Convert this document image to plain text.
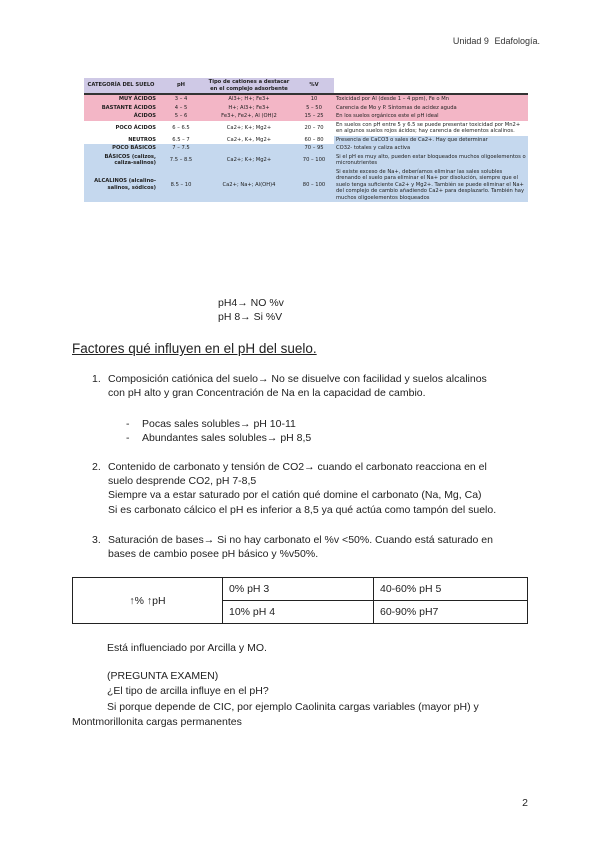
Unidad 9 Edafología.
CATEGORÍA DEL SUELO	pH	Tipo de cationes a destacar en el complejo adsorbente	%V	
MUY ÁCIDOS	3 – 4	Al3+; H+; Fe3+	10	Toxicidad por Al (desde 1 – 4 ppm), Fe o Mn
BASTANTE ÁCIDOS	4 – 5	H+; Al3+; Fe3+	5 – 50	Carencia de Mo y P. Síntomas de acidez aguda
ÁCIDOS	5 – 6	Fe3+, Fe2+, Al (OH)2	15 – 25	En los suelos orgánicos este el pH ideal
POCO ÁCIDOS	6 – 6.5	Ca2+; K+; Mg2+	20 – 70	En suelos con pH entre 5 y 6.5 se puede presentar toxicidad por Mn2+ en algunos suelos rojos ácidos; hay carencia de elementos alcalinos.
NEUTROS	6.5 – 7	Ca2+, K+, Mg2+	60 – 80	Presencia de CaCO3 o sales de Ca2+. Hay que determinar
POCO BÁSICOS	7 – 7.5		70 – 95	CO32- totales y caliza activa
BÁSICOS (calizos, caliza-salinos)	7.5 – 8.5	Ca2+; K+; Mg2+	70 – 100	Si el pH es muy alto, pueden estar bloqueados muchos oligoelementos o micronutrientes
ALCALINOS (alcalino-salinos, sódicos)	8.5 – 10	Ca2+; Na+; Al(OH)4	80 – 100	Si existe exceso de Na+, deberíamos eliminar las sales solubles drenando el suelo para eliminar el Na+ por disolución, siempre que el suelo tenga suficiente Ca2+ y Mg2+. También se puede eliminar el Na+ del complejo de cambio añadiendo Ca2+ para desplazarlo. También hay muchos oligoelementos bloqueados
pH4→ NO %v
pH 8→ Si %V
Factores qué influyen en el pH del suelo.
1. Composición catiónica del suelo→ No se disuelve con facilidad y suelos alcalinos
con pH alto y gran Concentración de Na en la capacidad de cambio.
- Pocas sales solubles→ pH 10-11
- Abundantes sales solubles→ pH 8,5
2. Contenido de carbonato y tensión de CO2→ cuando el carbonato reacciona en el
suelo desprende CO2, pH 7-8,5
Siempre va a estar saturado por el catión qué domine el carbonato (Na, Mg, Ca)
Si es carbonato cálcico el pH es inferior a 8,5 ya qué actúa como tampón del suelo.
3. Saturación de bases→ Si no hay carbonato el %v <50%. Cuando está saturado en
bases de cambio posee pH básico y %v50%.
↑% ↑pH	0% pH 3	40-60% pH 5
	10% pH 4	60-90% pH7
Está influenciado por Arcilla y MO.
(PREGUNTA EXAMEN)
¿El tipo de arcilla influye en el pH?
Si porque depende de CIC, por ejemplo Caolinita cargas variables (mayor pH) y
Montmorillonita cargas permanentes
2
